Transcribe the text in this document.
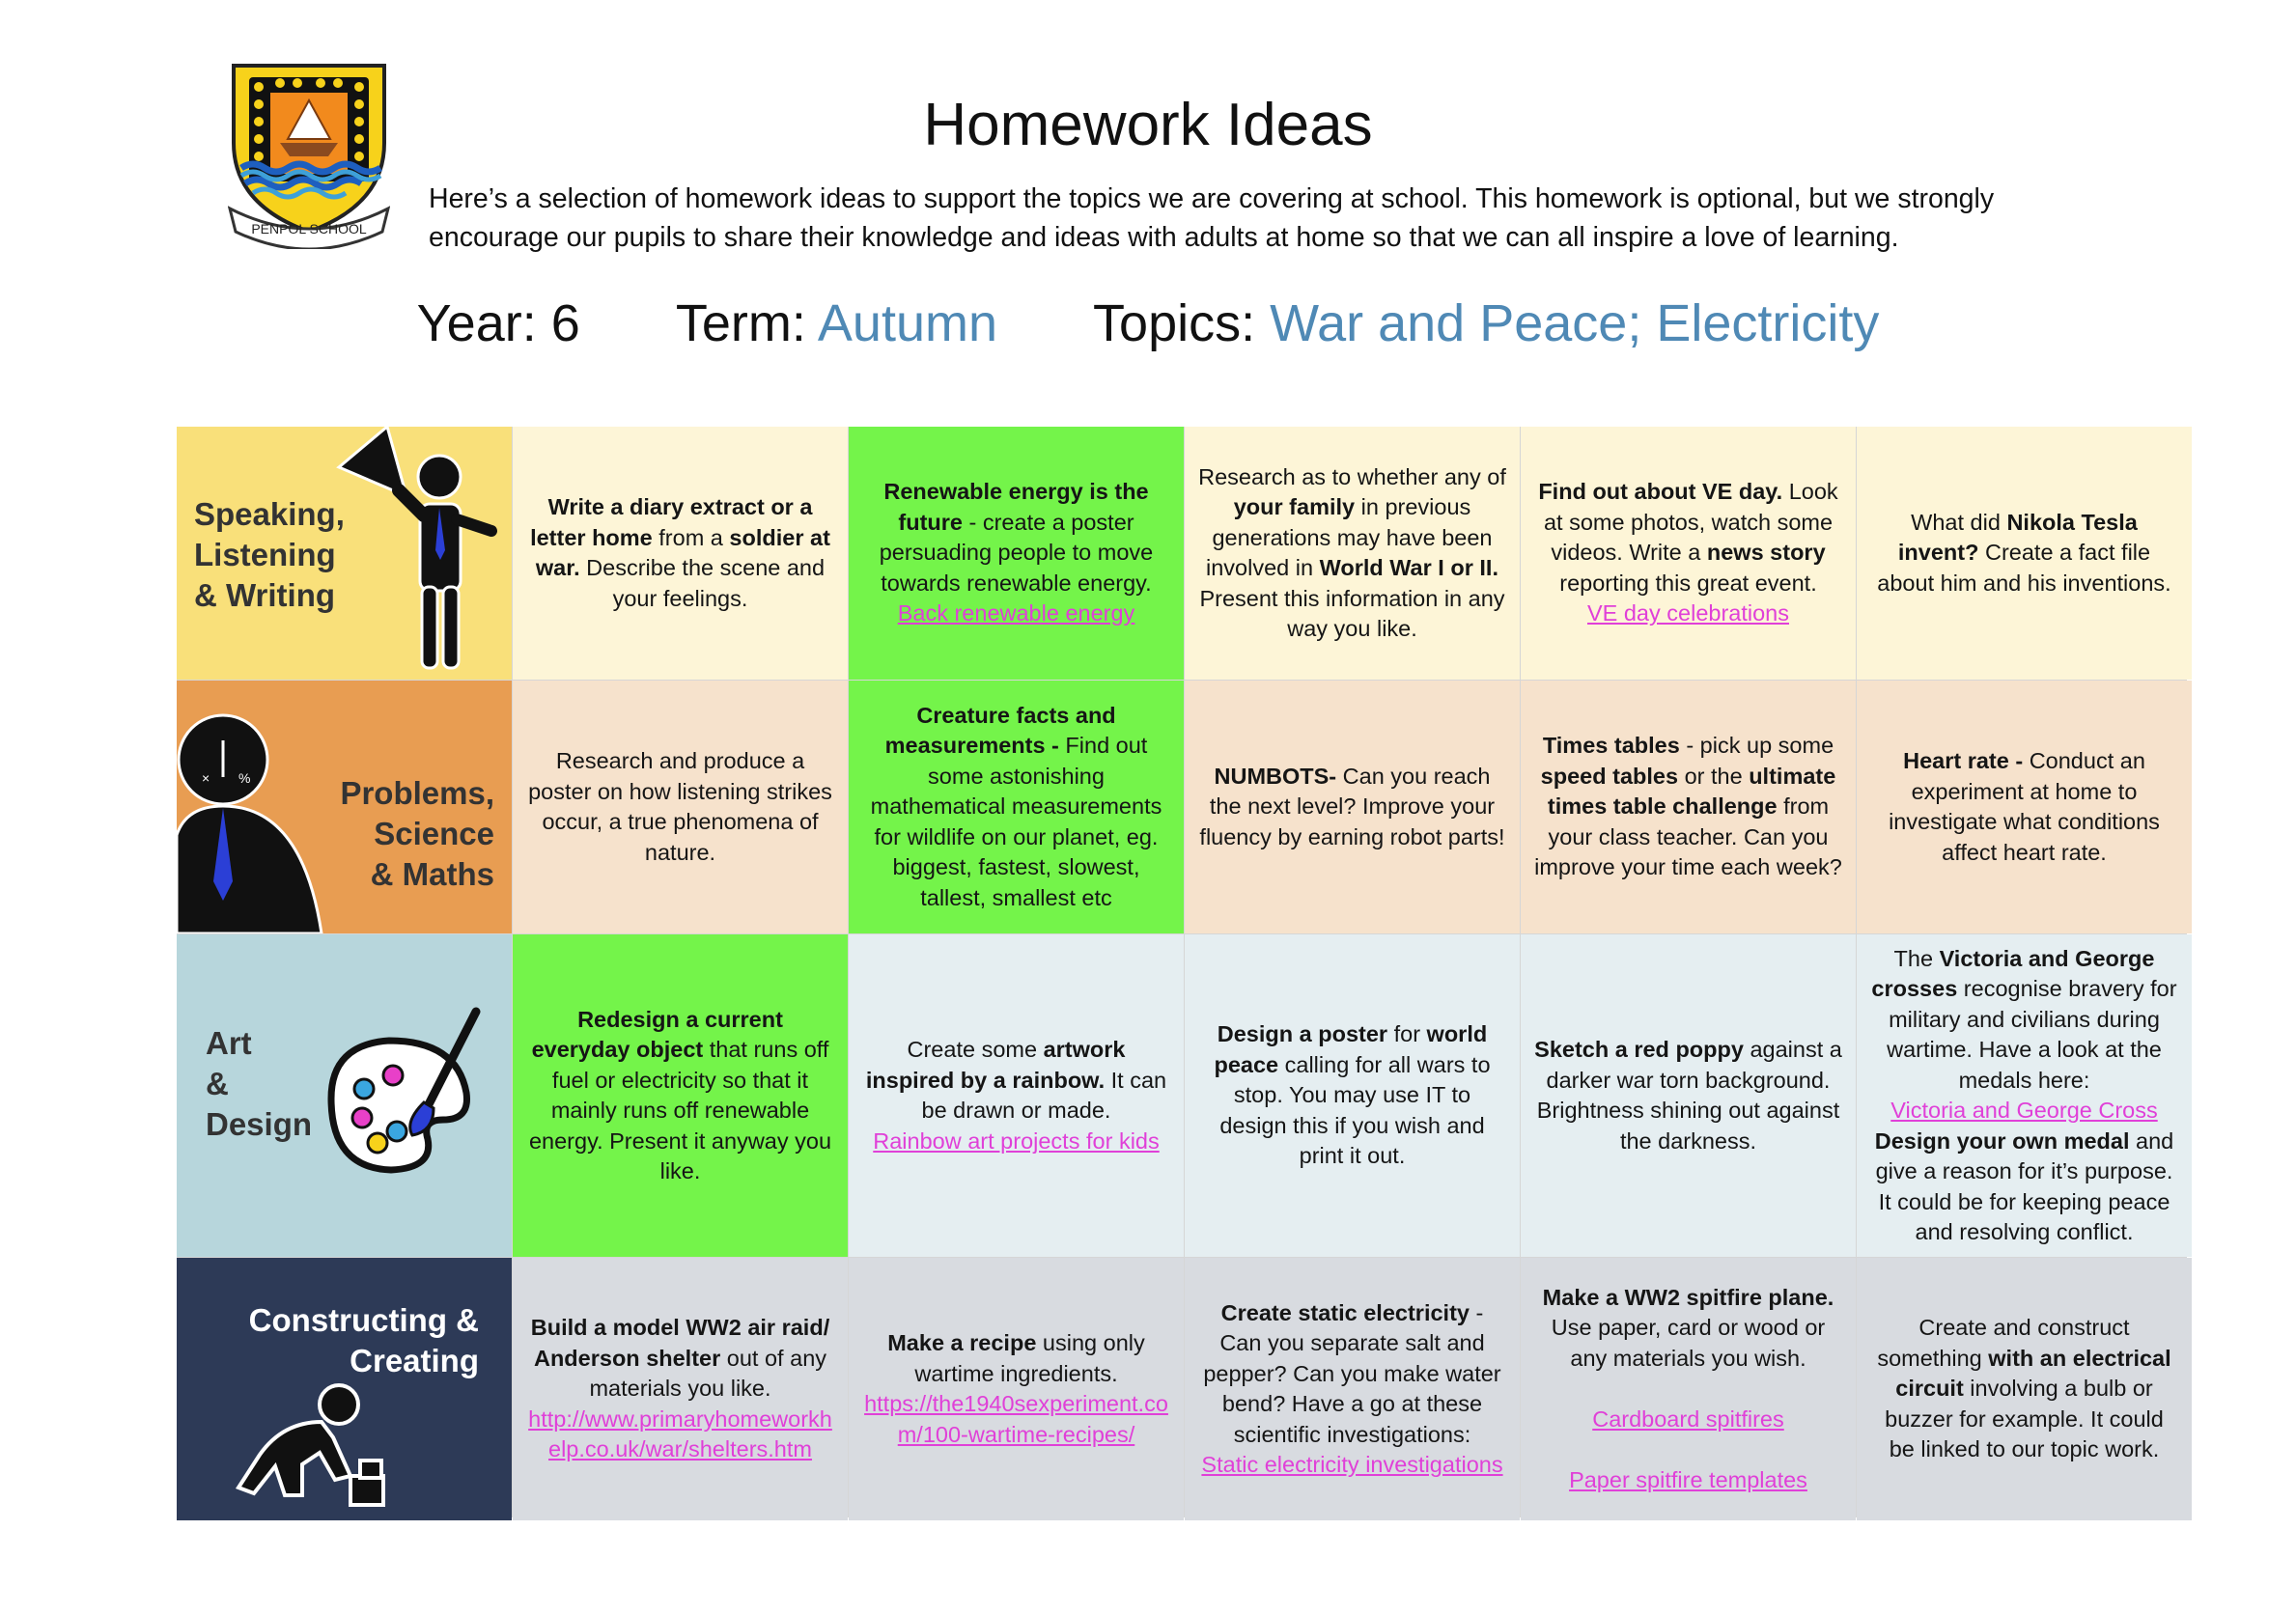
PENPOL SCHOOL
Homework Ideas
Here’s a selection of homework ideas to support the topics we are covering at school. This homework is optional, but we strongly
encourage our pupils to share their knowledge and ideas with adults at home so that we can all inspire a love of learning.
Year: 6 Term: Autumn Topics: War and Peace; Electricity
Speaking,
Listening
& Writing
Write a diary extract or a letter home from a soldier at war. Describe the scene and your feelings.
Renewable energy is the future - create a poster persuading people to move towards renewable energy.
Back renewable energy
Research as to whether any of your family in previous generations may have been involved in World War I or II. Present this information in any way you like.
Find out about VE day. Look at some photos, watch some videos. Write a news story reporting this great event.
VE day celebrations
What did Nikola Tesla invent? Create a fact file about him and his inventions.
× %	Problems,
Science
& Maths
Research and produce a poster on how listening strikes occur, a true phenomena of nature.
Creature facts and measurements - Find out some astonishing mathematical measurements for wildlife on our planet, eg. biggest, fastest, slowest, tallest, smallest etc
NUMBOTS- Can you reach the next level? Improve your fluency by earning robot parts!
Times tables - pick up some speed tables or the ultimate times table challenge from your class teacher. Can you improve your time each week?
Heart rate - Conduct an experiment at home to investigate what conditions affect heart rate.
Art
&
Design
Redesign a current everyday object that runs off fuel or electricity so that it mainly runs off renewable energy. Present it anyway you like.
Create some artwork inspired by a rainbow. It can be drawn or made.
Rainbow art projects for kids
Design a poster for world peace calling for all wars to stop. You may use IT to design this if you wish and print it out.
Sketch a red poppy against a darker war torn background. Brightness shining out against the darkness.
The Victoria and George crosses recognise bravery for military and civilians during wartime. Have a look at the medals here:
Victoria and George Cross
Design your own medal and give a reason for it’s purpose. It could be for keeping peace and resolving conflict.
Constructing &
Creating
Build a model WW2 air raid/ Anderson shelter out of any materials you like.
http://www.primaryhomeworkhelp.co.uk/war/shelters.htm
Make a recipe using only wartime ingredients.
https://the1940sexperiment.com/100-wartime-recipes/
Create static electricity - Can you separate salt and pepper? Can you make water bend? Have a go at these scientific investigations:
Static electricity investigations
Make a WW2 spitfire plane. Use paper, card or wood or any materials you wish.

Cardboard spitfires

Paper spitfire templates
Create and construct something with an electrical circuit involving a bulb or buzzer for example. It could be linked to our topic work.
